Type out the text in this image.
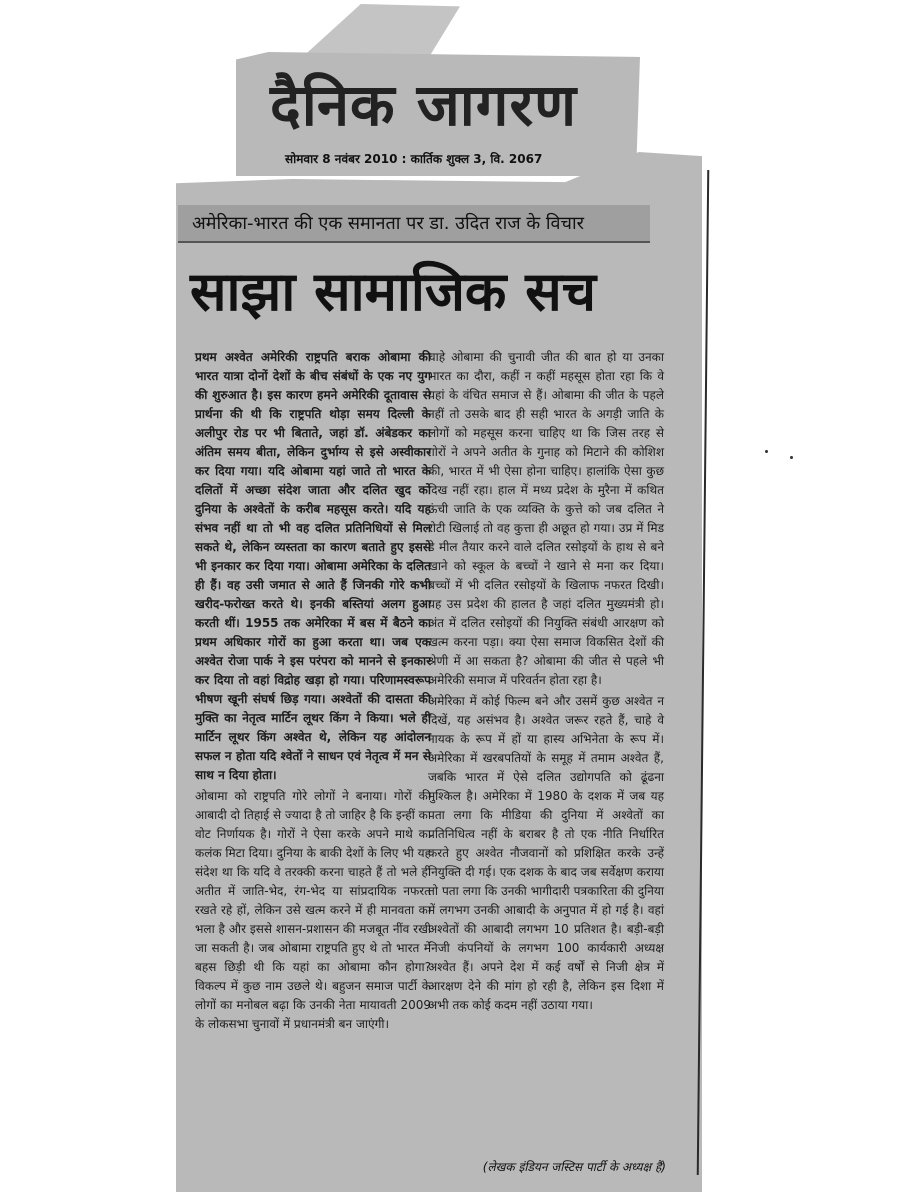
दैनिक जागरण
सोमवार 8 नवंबर 2010 : कार्तिक शुक्ल 3, वि. 2067
अमेरिका-भारत की एक समानता पर डा. उदित राज के विचार
साझा सामाजिक सच

प्रथम अश्वेत अमेरिकी राष्ट्रपति बराक ओबामा की भारत यात्रा दोनों देशों के बीच संबंधों के एक नए युग की शुरुआत है। इस कारण हमने अमेरिकी दूतावास से प्रार्थना की थी कि राष्ट्रपति थोड़ा समय दिल्ली के अलीपुर रोड पर भी बिताते, जहां डॉ. अंबेडकर का अंतिम समय बीता, लेकिन दुर्भाग्य से इसे अस्वीकार कर दिया गया। यदि ओबामा यहां जाते तो भारत के दलितों में अच्छा संदेश जाता और दलित खुद को दुनिया के अश्वेतों के करीब महसूस करते। यदि यह संभव नहीं था तो भी वह दलित प्रतिनिधियों से मिल सकते थे, लेकिन व्यस्तता का कारण बताते हुए इससे भी इनकार कर दिया गया। ओबामा अमेरिका के दलित ही हैं। वह उसी जमात से आते हैं जिनकी गोरे कभी खरीद-फरोख्त करते थे। इनकी बस्तियां अलग हुआ करती थीं। 1955 तक अमेरिका में बस में बैठने का प्रथम अधिकार गोरों का हुआ करता था। जब एक अश्वेत रोजा पार्क ने इस परंपरा को मानने से इनकार कर दिया तो वहां विद्रोह खड़ा हो गया। परिणामस्वरूप भीषण खूनी संघर्ष छिड़ गया। अश्वेतों की दासता की मुक्ति का नेतृत्व मार्टिन लूथर किंग ने किया। भले ही मार्टिन लूथर किंग अश्वेत थे, लेकिन यह आंदोलन सफल न होता यदि श्वेतों ने साधन एवं नेतृत्व में मन से साथ न दिया होता।

ओबामा को राष्ट्रपति गोरे लोगों ने बनाया। गोरों की आबादी दो तिहाई से ज्यादा है तो जाहिर है कि इन्हीं का वोट निर्णायक है। गोरों ने ऐसा करके अपने माथे का कलंक मिटा दिया। दुनिया के बाकी देशों के लिए भी यह संदेश था कि यदि वे तरक्की करना चाहते हैं तो भले ही अतीत में जाति-भेद, रंग-भेद या सांप्रदायिक नफरत रखते रहे हों, लेकिन उसे खत्म करने में ही मानवता का भला है और इससे शासन-प्रशासन की मजबूत नींव रखी जा सकती है। जब ओबामा राष्ट्रपति हुए थे तो भारत में बहस छिड़ी थी कि यहां का ओबामा कौन होगा? विकल्प में कुछ नाम उछले थे। बहुजन समाज पार्टी के लोगों का मनोबल बढ़ा कि उनकी नेता मायावती 2009 के लोकसभा चुनावों में प्रधानमंत्री बन जाएंगी।

चाहे ओबामा की चुनावी जीत की बात हो या उनका भारत का दौरा, कहीं न कहीं महसूस होता रहा कि वे यहां के वंचित समाज से हैं। ओबामा की जीत के पहले नहीं तो उसके बाद ही सही भारत के अगड़ी जाति के लोगों को महसूस करना चाहिए था कि जिस तरह से गोरों ने अपने अतीत के गुनाह को मिटाने की कोशिश की, भारत में भी ऐसा होना चाहिए। हालांकि ऐसा कुछ दिख नहीं रहा। हाल में मध्य प्रदेश के मुरैना में कथित ऊंची जाति के एक व्यक्ति के कुत्ते को जब दलित ने रोटी खिलाई तो वह कुत्ता ही अछूत हो गया। उप्र में मिड डे मील तैयार करने वाले दलित रसोइयों के हाथ से बने खाने को स्कूल के बच्चों ने खाने से मना कर दिया। बच्चों में भी दलित रसोइयों के खिलाफ नफरत दिखी। यह उस प्रदेश की हालत है जहां दलित मुख्यमंत्री हो। अंत में दलित रसोइयों की नियुक्ति संबंधी आरक्षण को खत्म करना पड़ा। क्या ऐसा समाज विकसित देशों की श्रेणी में आ सकता है? ओबामा की जीत से पहले भी अमेरिकी समाज में परिवर्तन होता रहा है।

अमेरिका में कोई फिल्म बने और उसमें कुछ अश्वेत न दिखें, यह असंभव है। अश्वेत जरूर रहते हैं, चाहे वे नायक के रूप में हों या हास्य अभिनेता के रूप में। अमेरिका में खरबपतियों के समूह में तमाम अश्वेत हैं, जबकि भारत में ऐसे दलित उद्योगपति को ढूंढना मुश्किल है। अमेरिका में 1980 के दशक में जब यह पता लगा कि मीडिया की दुनिया में अश्वेतों का प्रतिनिधित्व नहीं के बराबर है तो एक नीति निर्धारित करते हुए अश्वेत नौजवानों को प्रशिक्षित करके उन्हें नियुक्ति दी गई। एक दशक के बाद जब सर्वेक्षण कराया तो पता लगा कि उनकी भागीदारी पत्रकारिता की दुनिया में लगभग उनकी आबादी के अनुपात में हो गई है। वहां अश्वेतों की आबादी लगभग 10 प्रतिशत है। बड़ी-बड़ी निजी कंपनियों के लगभग 100 कार्यकारी अध्यक्ष अश्वेत हैं। अपने देश में कई वर्षों से निजी क्षेत्र में आरक्षण देने की मांग हो रही है, लेकिन इस दिशा में अभी तक कोई कदम नहीं उठाया गया।

(लेखक इंडियन जस्टिस पार्टी के अध्यक्ष हैं)
